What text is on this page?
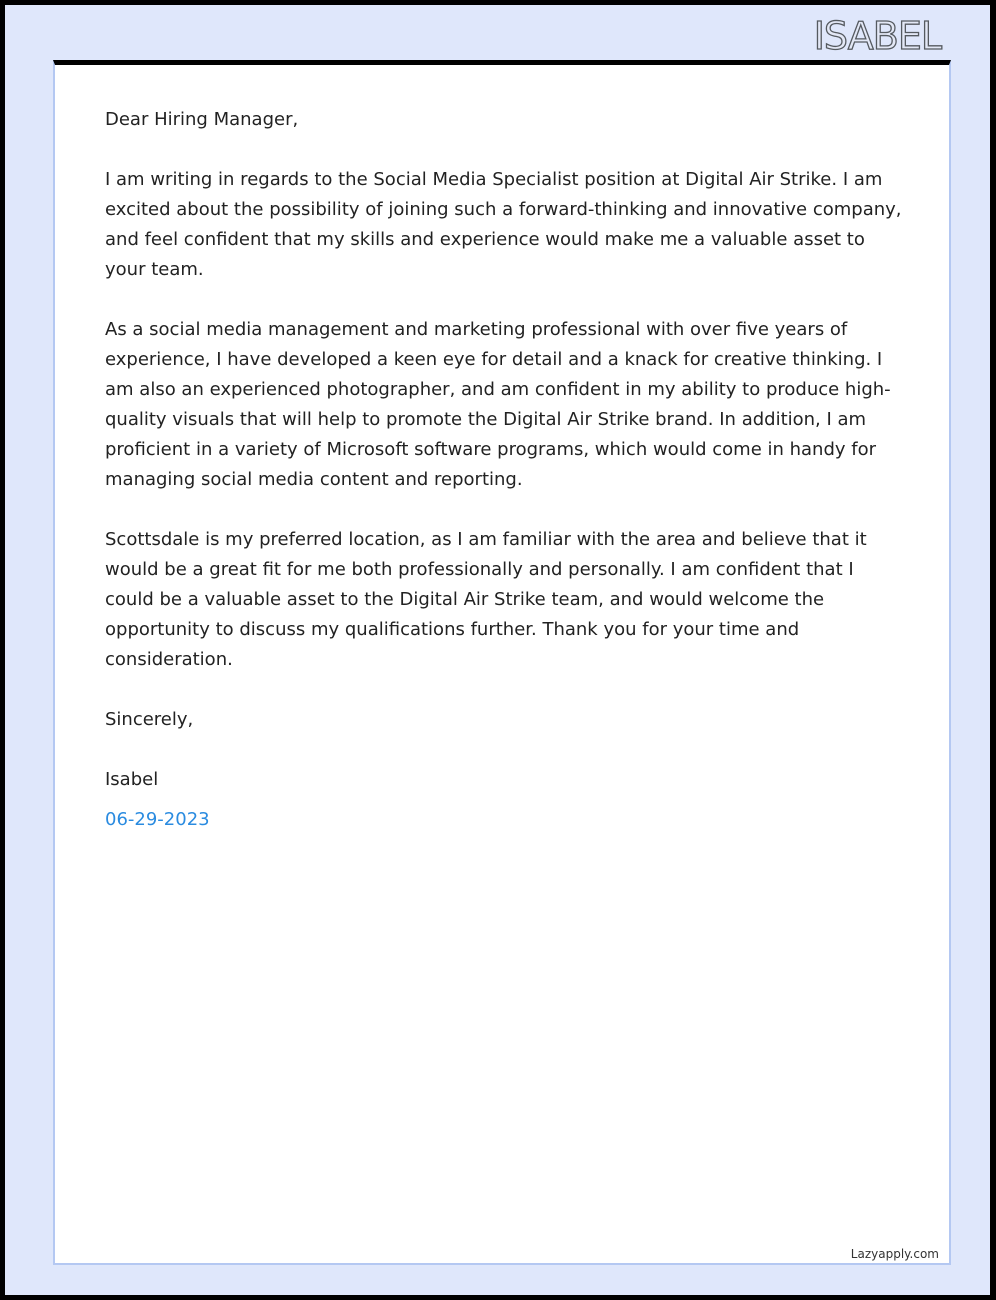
ISABEL

Dear Hiring Manager,

I am writing in regards to the Social Media Specialist position at Digital Air Strike. I am excited about the possibility of joining such a forward-thinking and innovative company, and feel confident that my skills and experience would make me a valuable asset to your team.

As a social media management and marketing professional with over five years of experience, I have developed a keen eye for detail and a knack for creative thinking. I am also an experienced photographer, and am confident in my ability to produce high-quality visuals that will help to promote the Digital Air Strike brand. In addition, I am proficient in a variety of Microsoft software programs, which would come in handy for managing social media content and reporting.

Scottsdale is my preferred location, as I am familiar with the area and believe that it would be a great fit for me both professionally and personally. I am confident that I could be a valuable asset to the Digital Air Strike team, and would welcome the opportunity to discuss my qualifications further. Thank you for your time and consideration.

Sincerely,

Isabel

06-29-2023

Lazyapply.com
